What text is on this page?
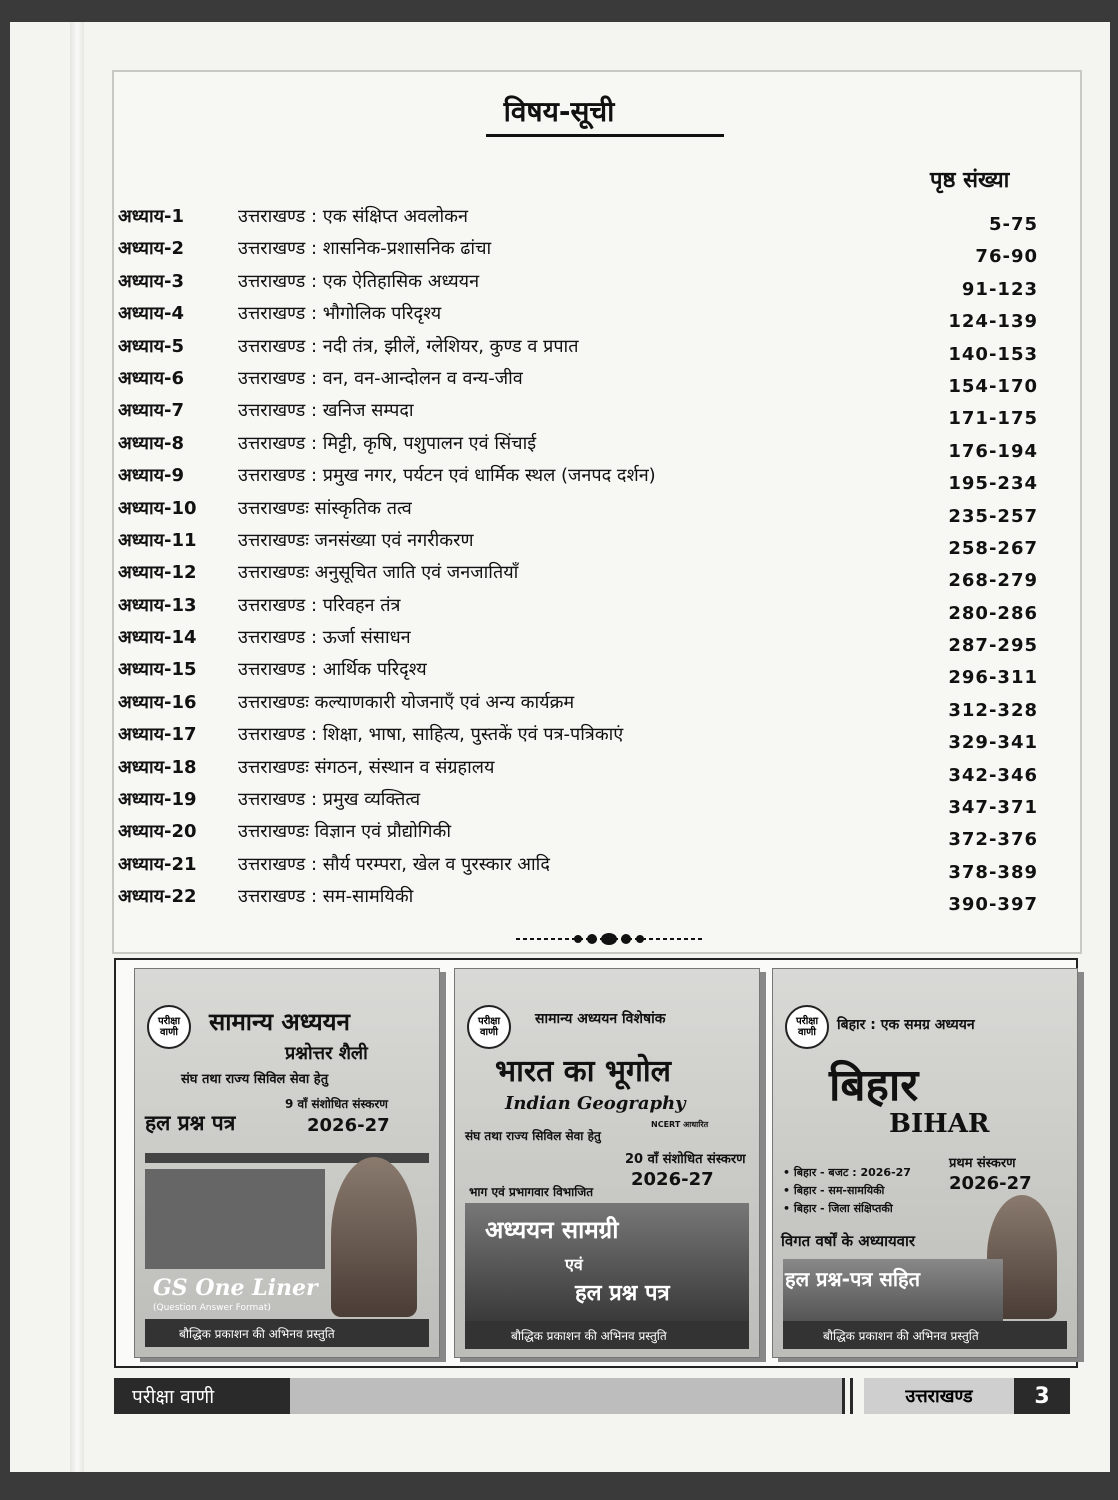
विषय-सूची
पृष्ठ संख्या
अध्याय-1	उत्तराखण्ड : एक संक्षिप्त अवलोकन	5-75
अध्याय-2	उत्तराखण्ड : शासनिक-प्रशासनिक ढांचा	76-90
अध्याय-3	उत्तराखण्ड : एक ऐतिहासिक अध्ययन	91-123
अध्याय-4	उत्तराखण्ड : भौगोलिक परिदृश्य	124-139
अध्याय-5	उत्तराखण्ड : नदी तंत्र, झीलें, ग्लेशियर, कुण्ड व प्रपात	140-153
अध्याय-6	उत्तराखण्ड : वन, वन-आन्दोलन व वन्य-जीव	154-170
अध्याय-7	उत्तराखण्ड : खनिज सम्पदा	171-175
अध्याय-8	उत्तराखण्ड : मिट्टी, कृषि, पशुपालन एवं सिंचाई	176-194
अध्याय-9	उत्तराखण्ड : प्रमुख नगर, पर्यटन एवं धार्मिक स्थल (जनपद दर्शन)	195-234
अध्याय-10 उत्तराखण्डः सांस्कृतिक तत्व	235-257
अध्याय-11 उत्तराखण्डः जनसंख्या एवं नगरीकरण	258-267
अध्याय-12 उत्तराखण्डः अनुसूचित जाति एवं जनजातियाँ	268-279
अध्याय-13 उत्तराखण्ड : परिवहन तंत्र	280-286
अध्याय-14 उत्तराखण्ड : ऊर्जा संसाधन	287-295
अध्याय-15 उत्तराखण्ड : आर्थिक परिदृश्य	296-311
अध्याय-16 उत्तराखण्डः कल्याणकारी योजनाएँ एवं अन्य कार्यक्रम	312-328
अध्याय-17 उत्तराखण्ड : शिक्षा, भाषा, साहित्य, पुस्तकें एवं पत्र-पत्रिकाएं	329-341
अध्याय-18 उत्तराखण्डः संगठन, संस्थान व संग्रहालय	342-346
अध्याय-19 उत्तराखण्ड : प्रमुख व्यक्तित्व	347-371
अध्याय-20 उत्तराखण्डः विज्ञान एवं प्रौद्योगिकी	372-376
अध्याय-21 उत्तराखण्ड : सौर्य परम्परा, खेल व पुरस्कार आदि	378-389
अध्याय-22 उत्तराखण्ड : सम-सामयिकी	390-397
परीक्षा वाणी	सामान्य अध्ययन
प्रश्नोत्तर शैली
संघ तथा राज्य सिविल सेवा हेतु
हल प्रश्न पत्र
9 वाँ संशोधित संस्करण
2026-27
GS One Liner
(Question Answer Format)
बौद्धिक प्रकाशन की अभिनव प्रस्तुति
परीक्षा वाणी
सामान्य अध्ययन विशेषांक
भारत का भूगोल
Indian Geography
NCERT आधारित
संघ तथा राज्य सिविल सेवा हेतु
20 वाँ संशोधित संस्करण
2026-27
भाग एवं प्रभागवार विभाजित
अध्ययन सामग्री
एवं
हल प्रश्न पत्र
बौद्धिक प्रकाशन की अभिनव प्रस्तुति
परीक्षा वाणी	बिहार : एक समग्र अध्ययन
बिहार
BIHAR
प्रथम संस्करण
2026-27
• बिहार - बजट : 2026-27
• बिहार - सम-सामयिकी
• बिहार - जिला संक्षिप्तकी
विगत वर्षों के अध्यायवार
हल प्रश्न-पत्र सहित
बौद्धिक प्रकाशन की अभिनव प्रस्तुति
परीक्षा वाणी	उत्तराखण्ड	3
